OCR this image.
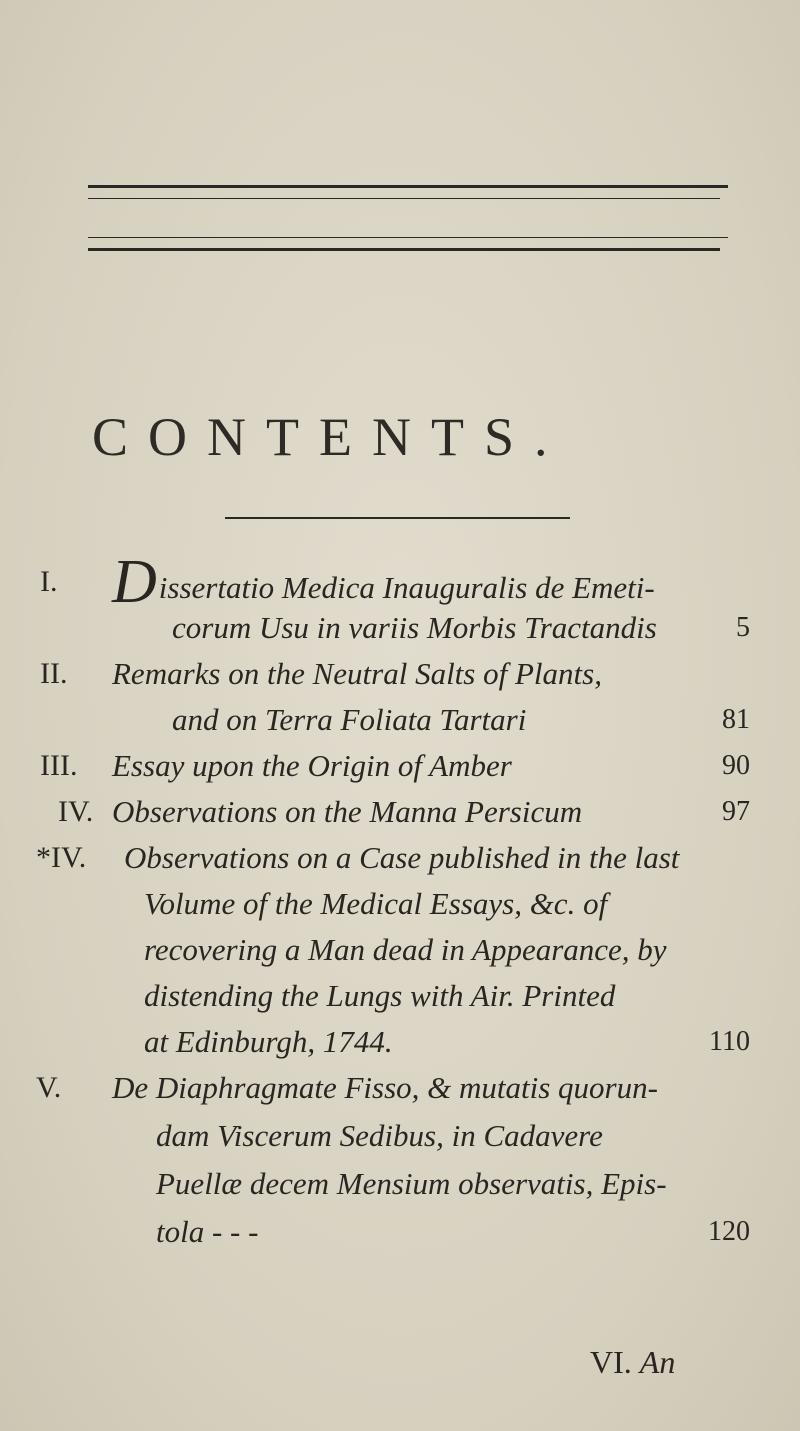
CONTENTS.
I. Dissertatio Medica Inauguralis de Emeti-
corum Usu in variis Morbis Tractandis	5
II. Remarks on the Neutral Salts of Plants,
and on Terra Foliata Tartari	81
III. Essay upon the Origin of Amber	90
IV. Observations on the Manna Persicum	97
*IV. Observations on a Case published in the last
Volume of the Medical Essays, &c. of
recovering a Man dead in Appearance, by
distending the Lungs with Air. Printed
at Edinburgh, 1744.	110
V. De Diaphragmate Fisso, & mutatis quorun-
dam Viscerum Sedibus, in Cadavere
Puellæ decem Mensium observatis, Epis-
tola - - -	120
VI. An
